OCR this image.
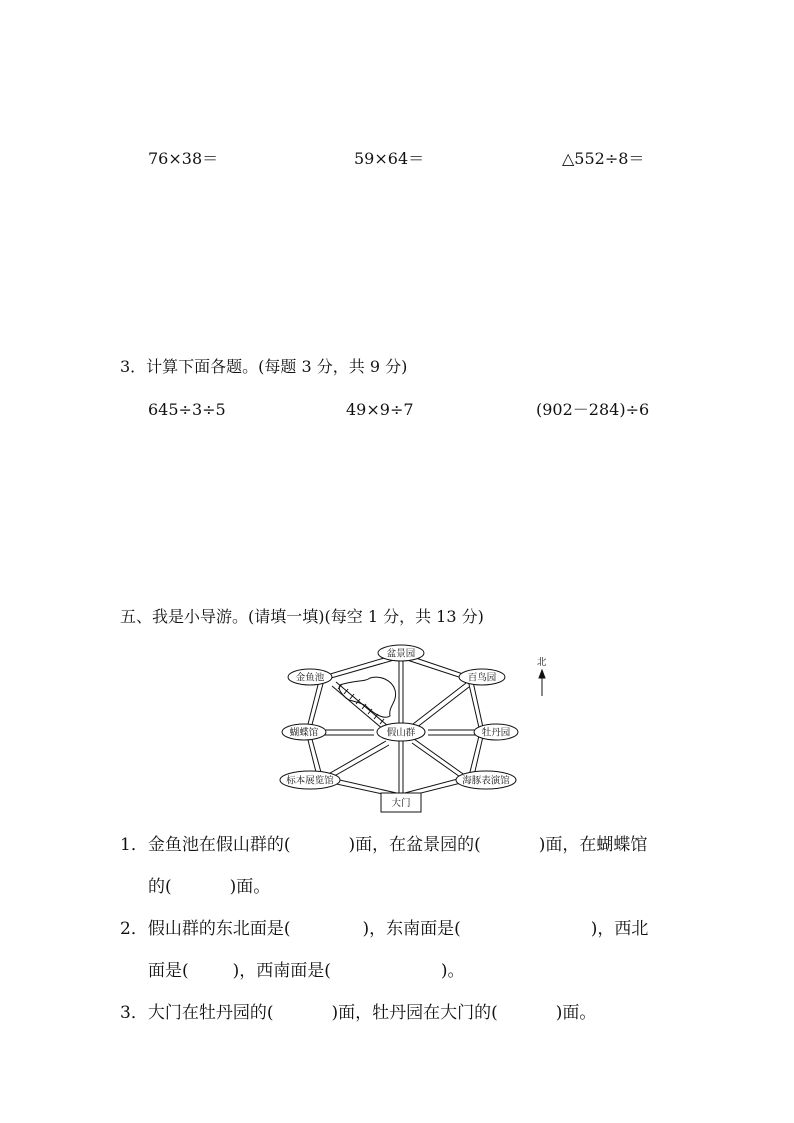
76×38＝	59×64＝	△552÷8＝
3．计算下面各题。(每题 3 分，共 9 分)
645÷3÷5	49×9÷7	(902－284)÷6
五、我是小导游。(请填一填)(每空 1 分，共 13 分)
北
盆景园
金鱼池	百鸟园
蝴蝶馆	假山群	牡丹园
标本展览馆	海豚表演馆
大门
1．金鱼池在假山群的(	)面，在盆景园的(	)面，在蝴蝶馆
的(	)面。
2．假山群的东北面是(	)，东南面是(	)，西北
面是(	)，西南面是(	)。
3．大门在牡丹园的(	)面，牡丹园在大门的(	)面。
